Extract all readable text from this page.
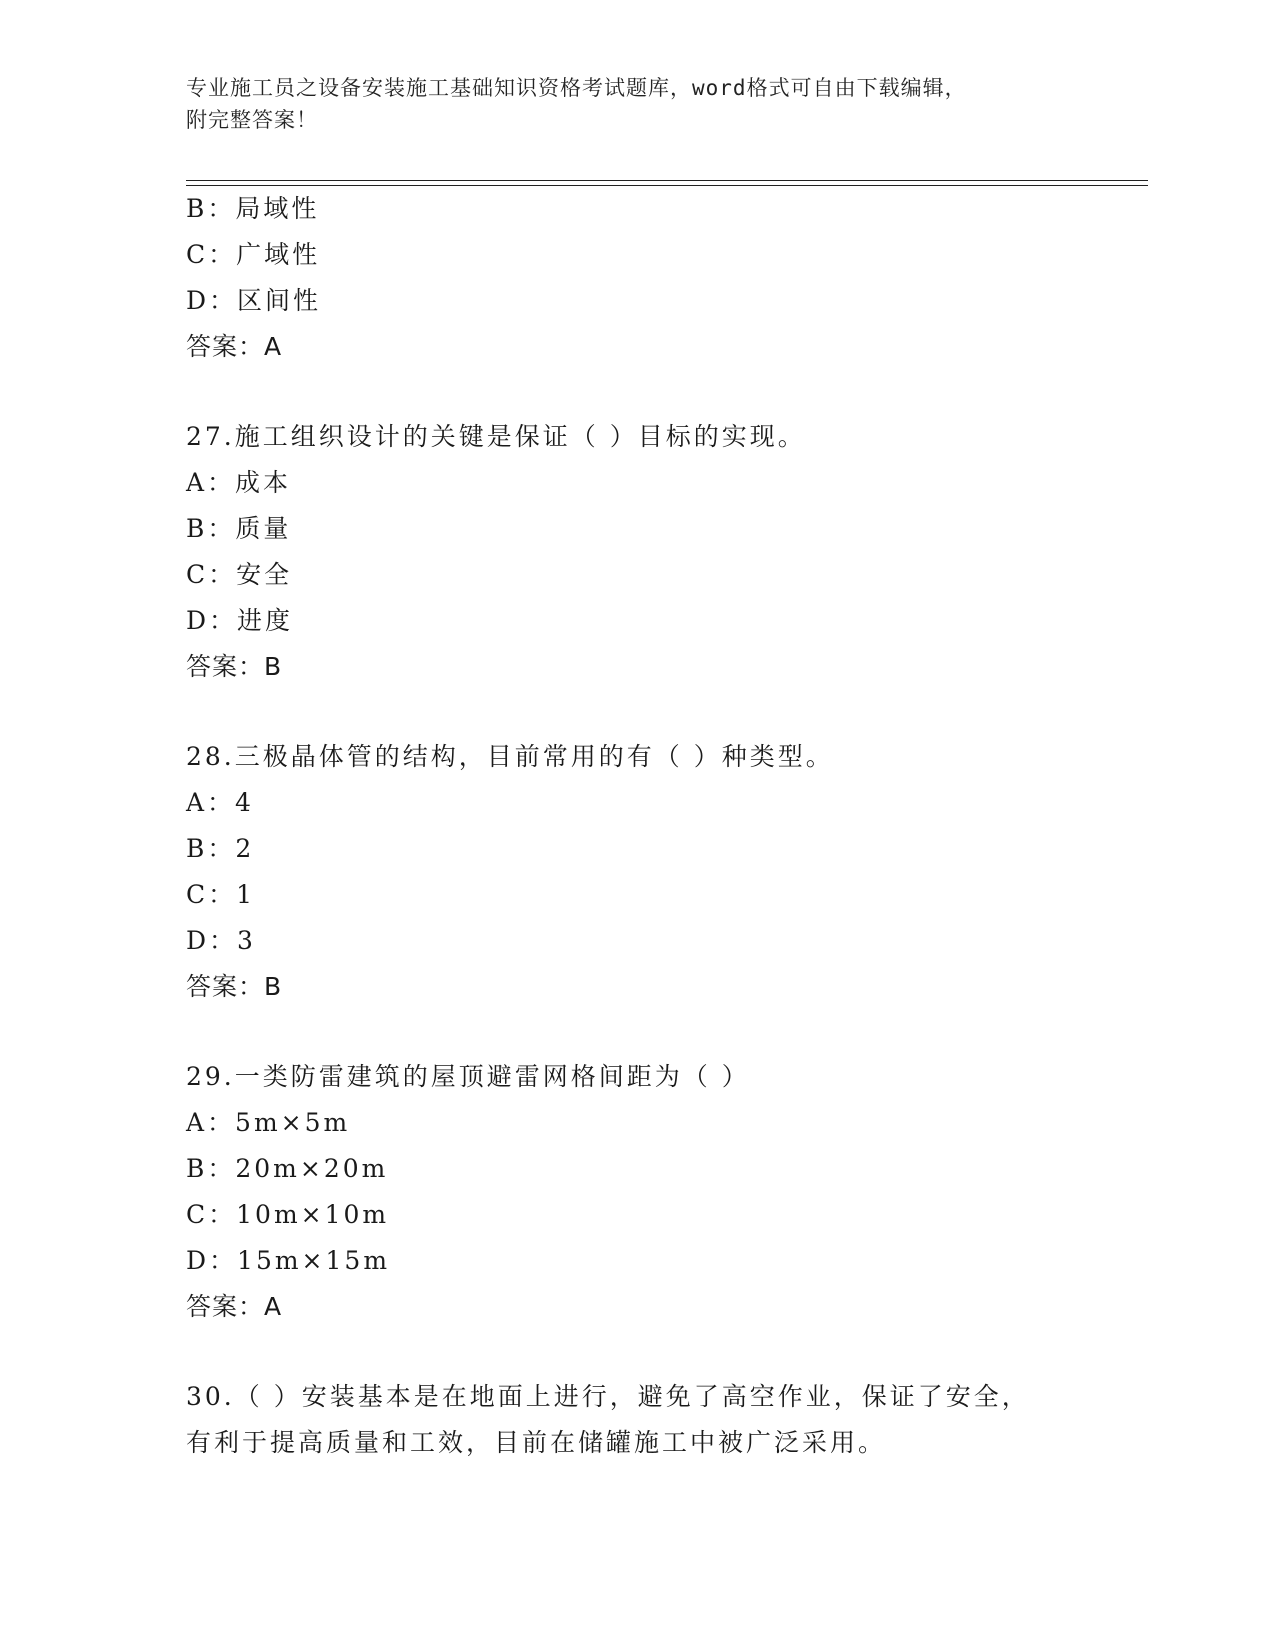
专业施工员之设备安装施工基础知识资格考试题库，word格式可自由下载编辑，
附完整答案！
B：局域性
C：广域性
D：区间性
答案：A
27.施工组织设计的关键是保证（ ）目标的实现。
A：成本
B：质量
C：安全
D：进度
答案：B
28.三极晶体管的结构，目前常用的有（ ）种类型。
A：4
B：2
C：1
D：3
答案：B
29.一类防雷建筑的屋顶避雷网格间距为（ ）
A：5m×5m
B：20m×20m
C：10m×10m
D：15m×15m
答案：A
30.（ ）安装基本是在地面上进行，避免了高空作业，保证了安全，
有利于提高质量和工效，目前在储罐施工中被广泛采用。
